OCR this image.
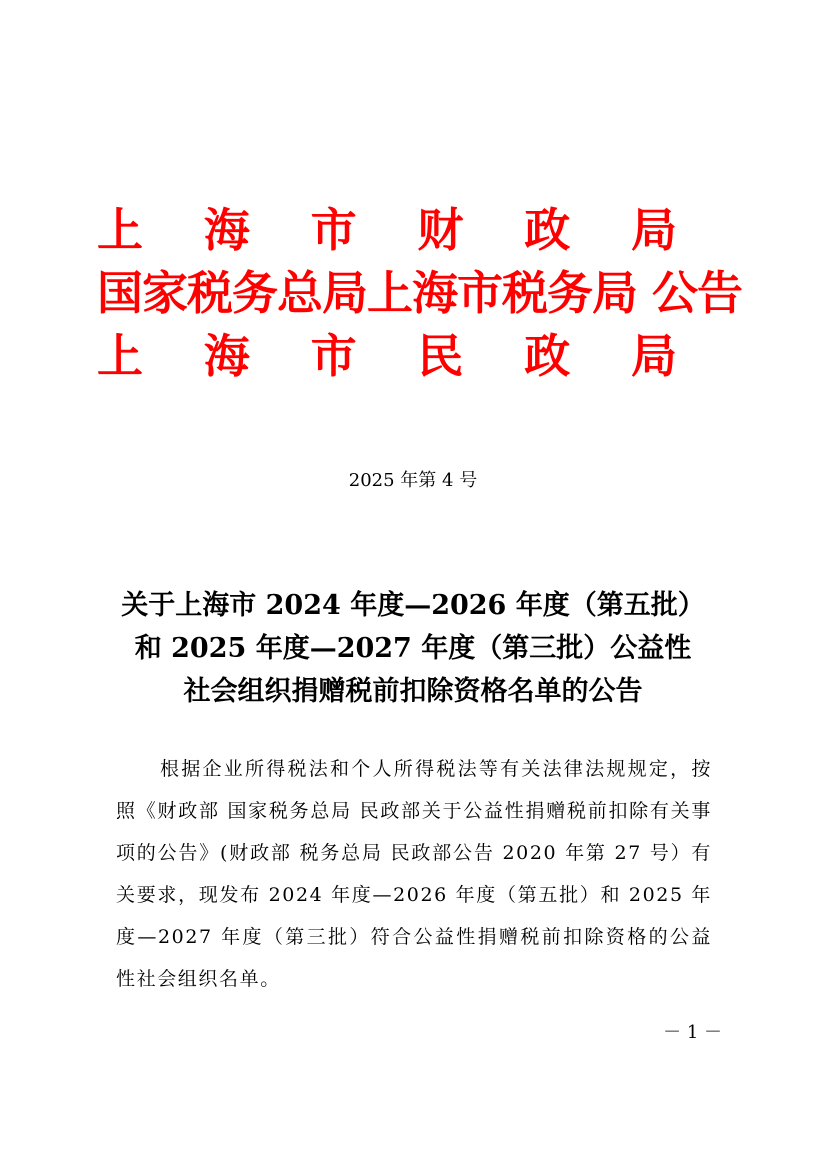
上 海 市 财 政 局
国家税务总局上海市税务局 公告
上 海 市 民 政 局
2025 年第 4 号
关于上海市 2024 年度—2026 年度（第五批）
和 2025 年度—2027 年度（第三批）公益性
社会组织捐赠税前扣除资格名单的公告
根据企业所得税法和个人所得税法等有关法律法规规定，按照《财政部 国家税务总局 民政部关于公益性捐赠税前扣除有关事项的公告》(财政部 税务总局 民政部公告 2020 年第 27 号）有关要求，现发布 2024 年度—2026 年度（第五批）和 2025 年度—2027 年度（第三批）符合公益性捐赠税前扣除资格的公益性社会组织名单。
－ 1 －
